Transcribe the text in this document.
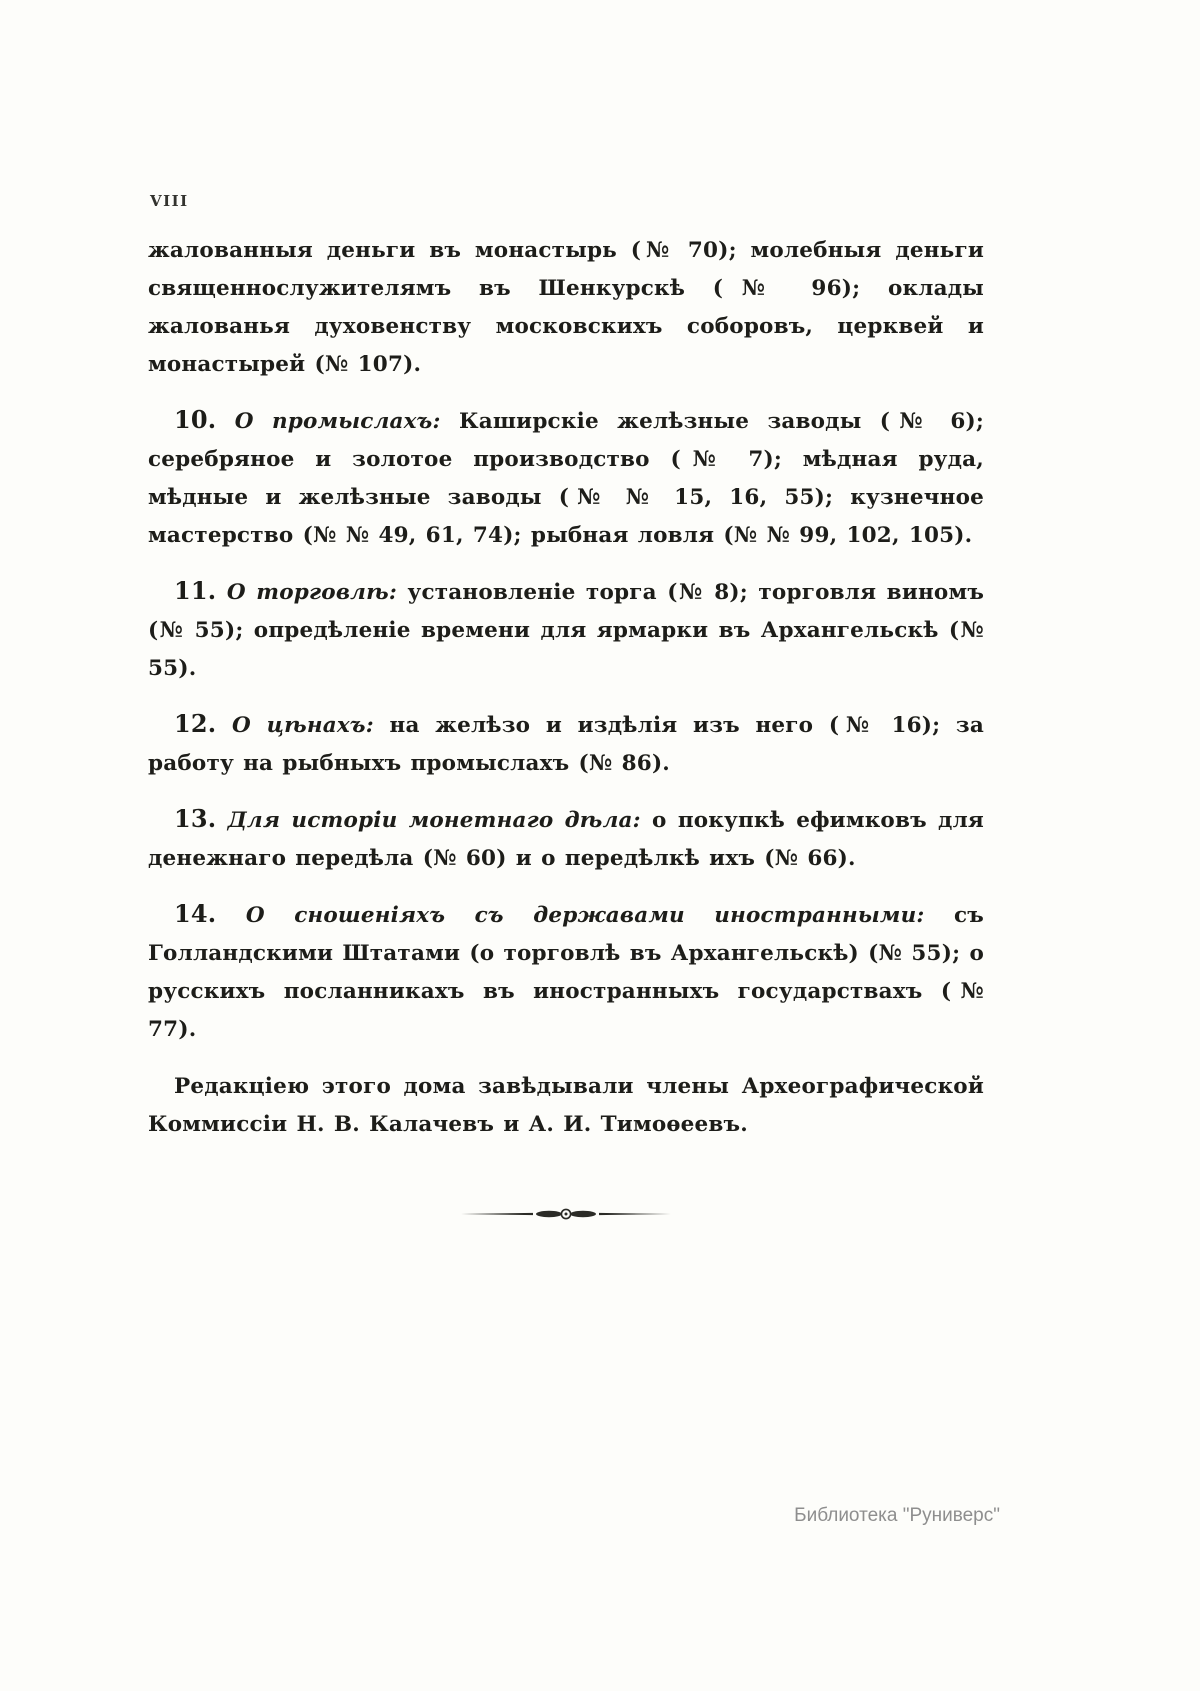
VIII

жалованныя деньги въ монастырь (№ 70); молебныя деньги священнослужителямъ въ Шенкурскѣ (№ 96); оклады жалованья духовенству московскихъ соборовъ, церквей и монастырей (№ 107).

10. О промыслахъ: Каширскіе желѣзные заводы (№ 6); серебряное и золотое производство (№ 7); мѣдная руда, мѣдные и желѣзные заводы (№ № 15, 16, 55); кузнечное мастерство (№ № 49, 61, 74); рыбная ловля (№ № 99, 102, 105).

11. О торговлѣ: установленіе торга (№ 8); торговля виномъ (№ 55); опредѣленіе времени для ярмарки въ Архангельскѣ (№ 55).

12. О цѣнахъ: на желѣзо и издѣлія изъ него (№ 16); за работу на рыбныхъ промыслахъ (№ 86).

13. Для исторіи монетнаго дѣла: о покупкѣ ефимковъ для денежнаго передѣла (№ 60) и о передѣлкѣ ихъ (№ 66).

14. О сношеніяхъ съ державами иностранными: съ Голландскими Штатами (о торговлѣ въ Архангельскѣ) (№ 55); о русскихъ посланникахъ въ иностранныхъ государствахъ (№ 77).

Редакціею этого дома завѣдывали члены Археографической Коммиссіи Н. В. Калачевъ и А. И. Тимоѳеевъ.

Библиотека "Руниверс"
